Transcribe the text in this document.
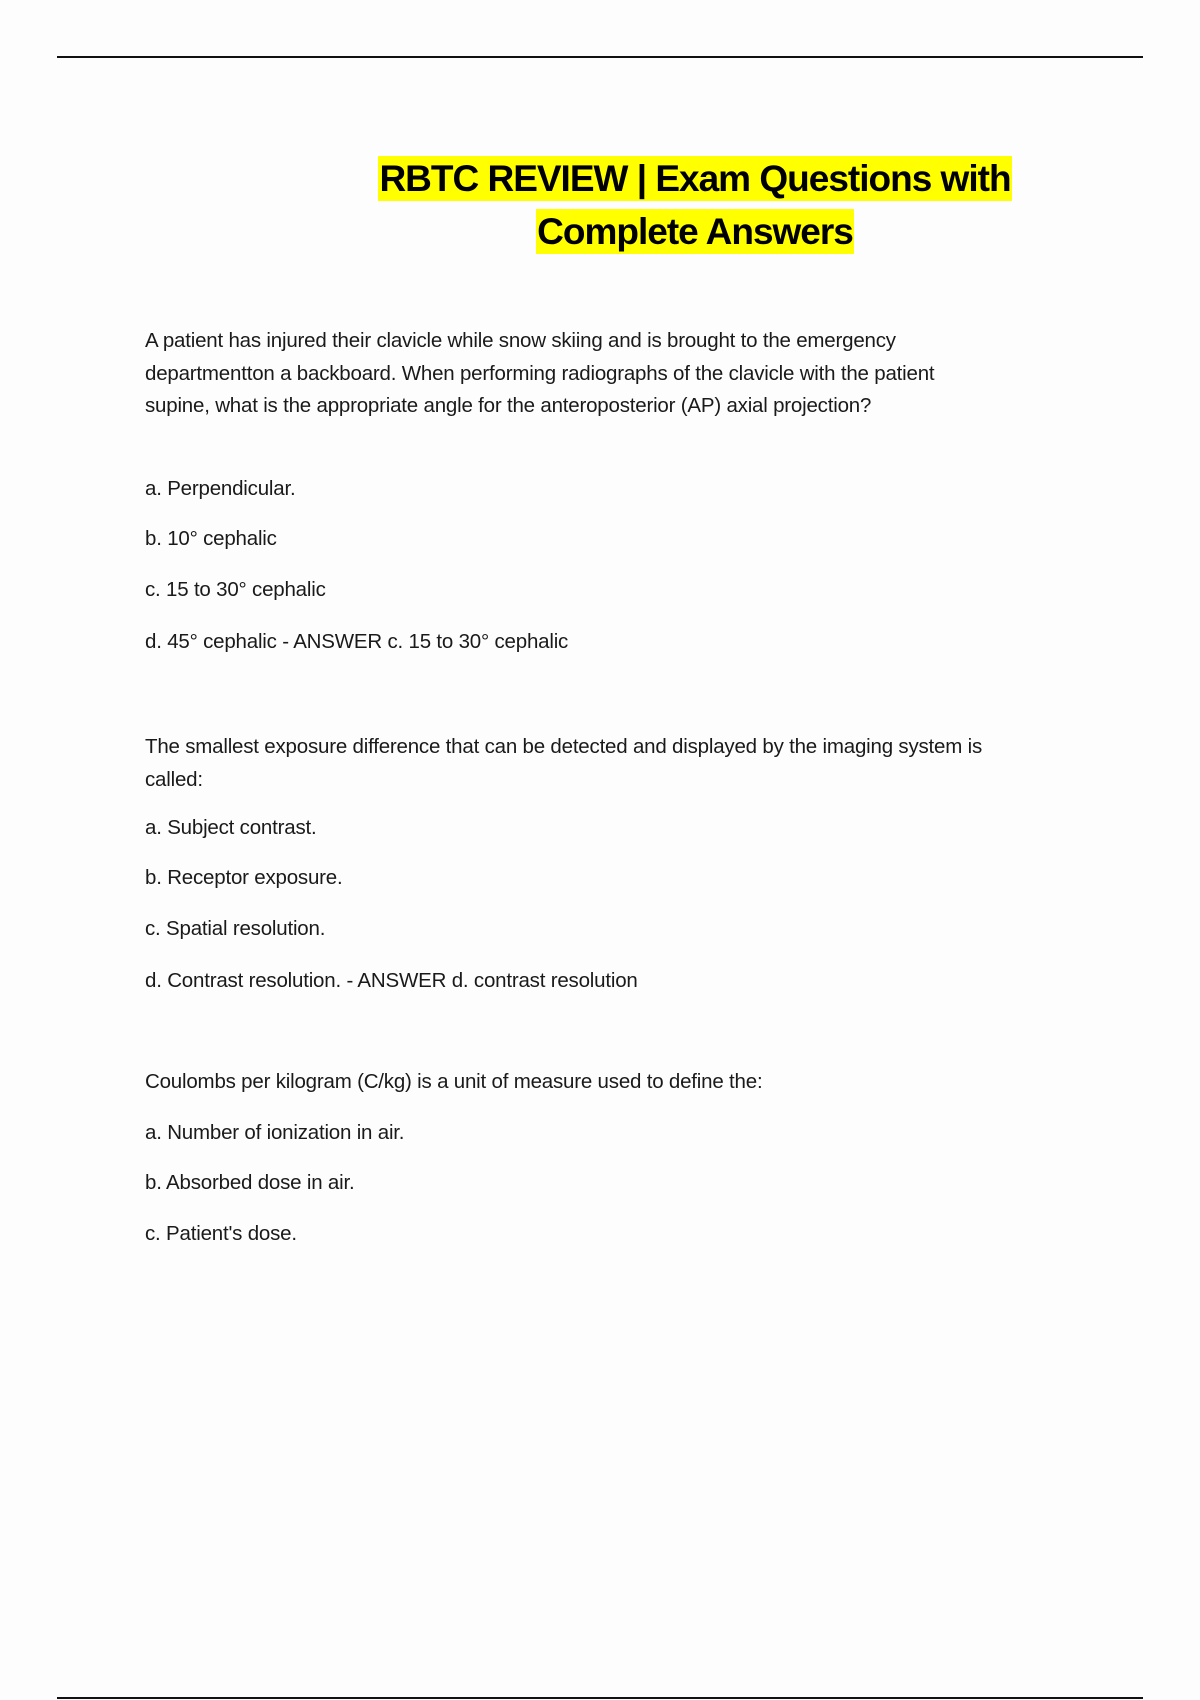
RBTC REVIEW | Exam Questions with
Complete Answers

A patient has injured their clavicle while snow skiing and is brought to the emergency departmentton a backboard. When performing radiographs of the clavicle with the patient supine, what is the appropriate angle for the anteroposterior (AP) axial projection?

a. Perpendicular.

b. 10° cephalic

c. 15 to 30° cephalic

d. 45° cephalic - ANSWER c. 15 to 30° cephalic

The smallest exposure difference that can be detected and displayed by the imaging system is called:

a. Subject contrast.

b. Receptor exposure.

c. Spatial resolution.

d. Contrast resolution. - ANSWER d. contrast resolution

Coulombs per kilogram (C/kg) is a unit of measure used to define the:

a. Number of ionization in air.

b. Absorbed dose in air.

c. Patient's dose.
